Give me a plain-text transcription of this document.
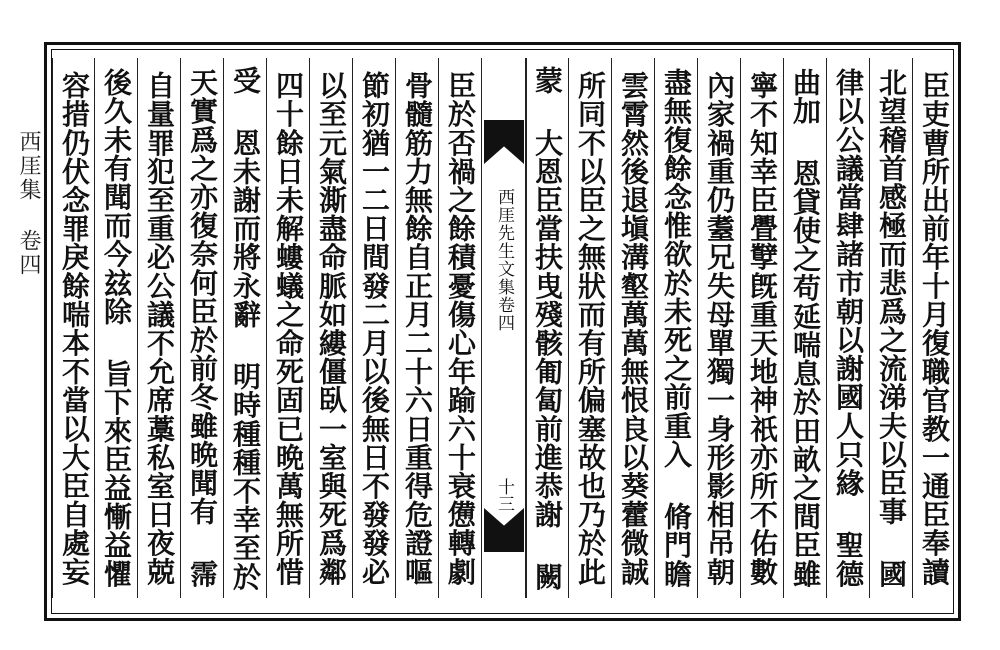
西厓集 卷四
臣吏曹所出前年十月復職官教一通臣奉讀
北望稽首感極而悲爲之流涕夫以臣事 國
律以公議當肆諸市朝以謝國人只緣 聖德
曲加 恩貸使之苟延喘息於田畝之間臣雖
寧不知幸臣舋孼旣重天地神祇亦所不佑數
內家禍重仍耋兄失母單獨一身形影相吊朝
盡無復餘念惟欲於未死之前重入 脩門瞻
雲霄然後退塡溝壑萬萬無恨良以葵藿微誠
所同不以臣之無狀而有所偏塞故也乃於此
蒙 大恩臣當扶曳殘骸匍匐前進恭謝 闕
西厓先生文集卷四
十三
臣於否禍之餘積憂傷心年踰六十衰憊轉劇
骨髓筋力無餘自正月二十六日重得危證嘔
節初猶一二日間發二月以後無日不發發必
以至元氣澌盡命脈如縷僵臥一室與死爲鄰
四十餘日未解螻蟻之命死固已晩萬無所惜
受 恩未謝而將永辭 明時種種不幸至於
天實爲之亦復奈何臣於前冬雖晩聞有 霈
自量罪犯至重必公議不允席藁私室日夜兢
後久未有聞而今玆除 旨下來臣益慚益懼
容措仍伏念罪戾餘喘本不當以大臣自處妄
